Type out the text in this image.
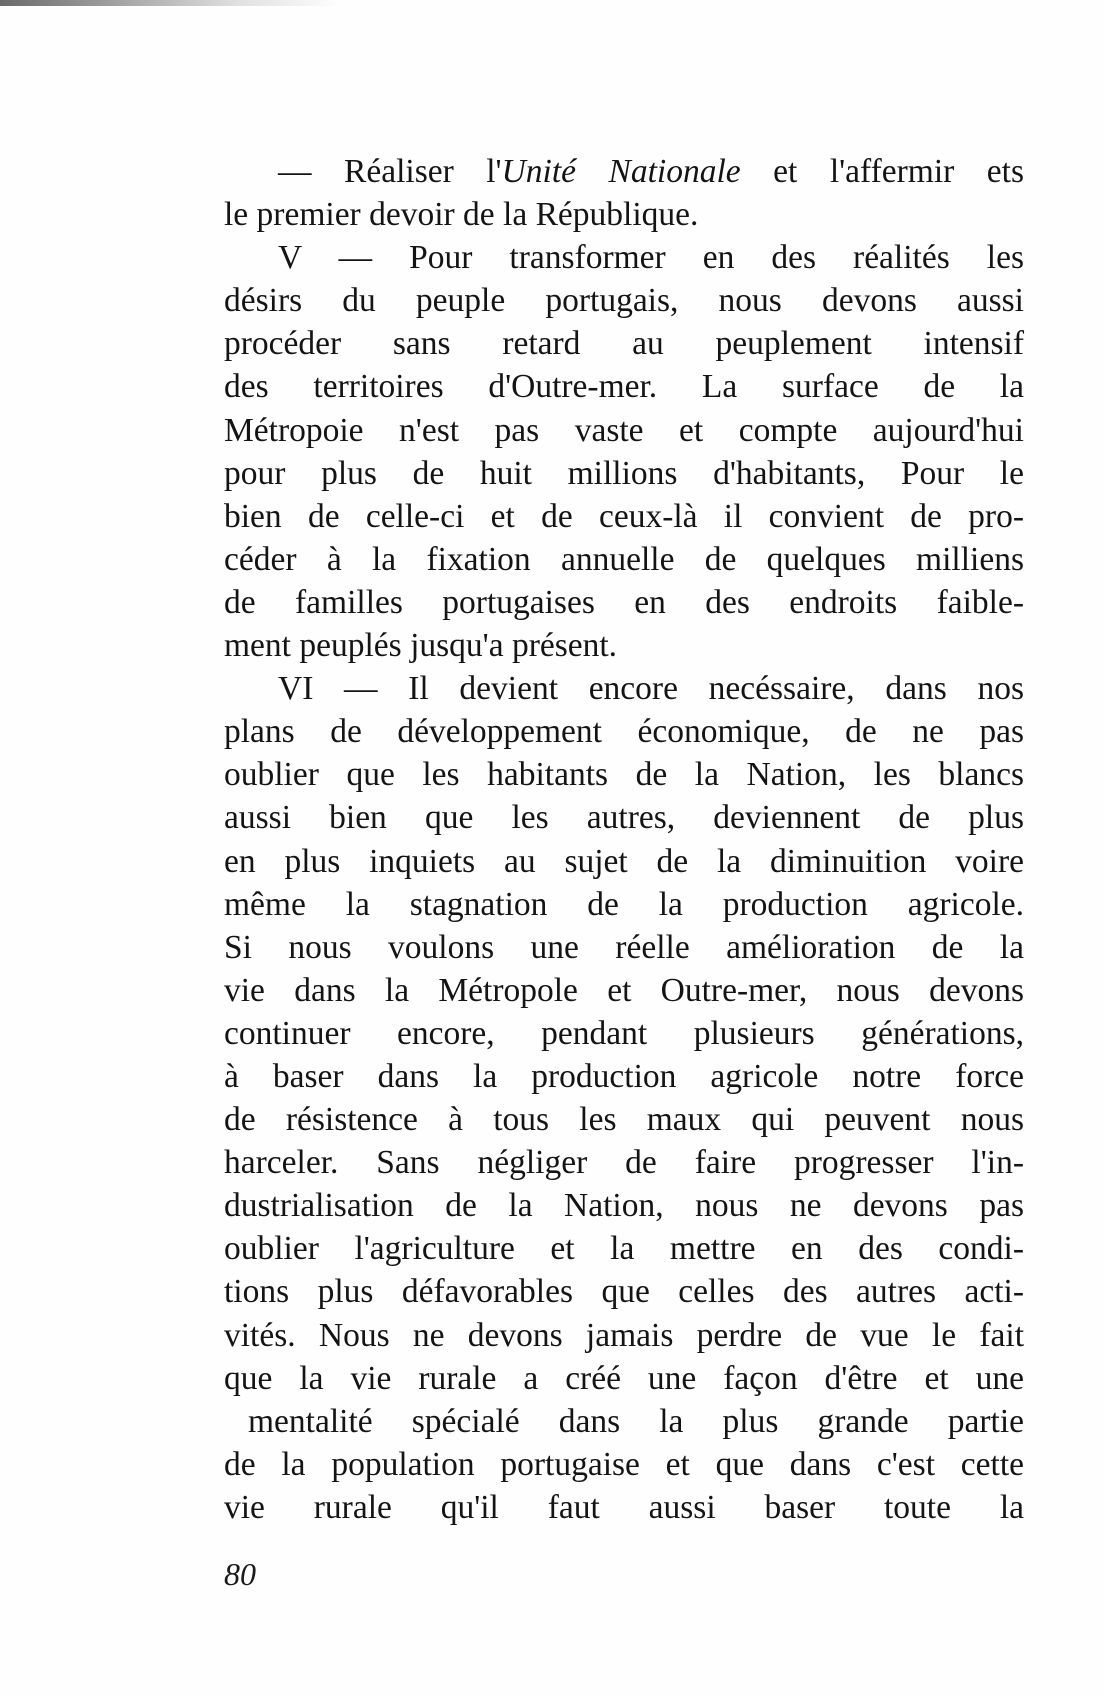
— Réaliser l'Unité Nationale et l'affermir ets
le premier devoir de la République.
V — Pour transformer en des réalités les
désirs du peuple portugais, nous devons aussi
procéder sans retard au peuplement intensif
des territoires d'Outre-mer. La surface de la
Métropoie n'est pas vaste et compte aujourd'hui
pour plus de huit millions d'habitants, Pour le
bien de celle-ci et de ceux-là il convient de pro-
céder à la fixation annuelle de quelques milliens
de familles portugaises en des endroits faible-
ment peuplés jusqu'a présent.
VI — Il devient encore necéssaire, dans nos
plans de développement économique, de ne pas
oublier que les habitants de la Nation, les blancs
aussi bien que les autres, deviennent de plus
en plus inquiets au sujet de la diminuition voire
même la stagnation de la production agricole.
Si nous voulons une réelle amélioration de la
vie dans la Métropole et Outre-mer, nous devons
continuer encore, pendant plusieurs générations,
à baser dans la production agricole notre force
de résistence à tous les maux qui peuvent nous
harceler. Sans négliger de faire progresser l'in-
dustrialisation de la Nation, nous ne devons pas
oublier l'agriculture et la mettre en des condi-
tions plus défavorables que celles des autres acti-
vités. Nous ne devons jamais perdre de vue le fait
que la vie rurale a créé une façon d'être et une
mentalité spécialé dans la plus grande partie
de la population portugaise et que dans c'est cette
vie rurale qu'il faut aussi baser toute la
80
